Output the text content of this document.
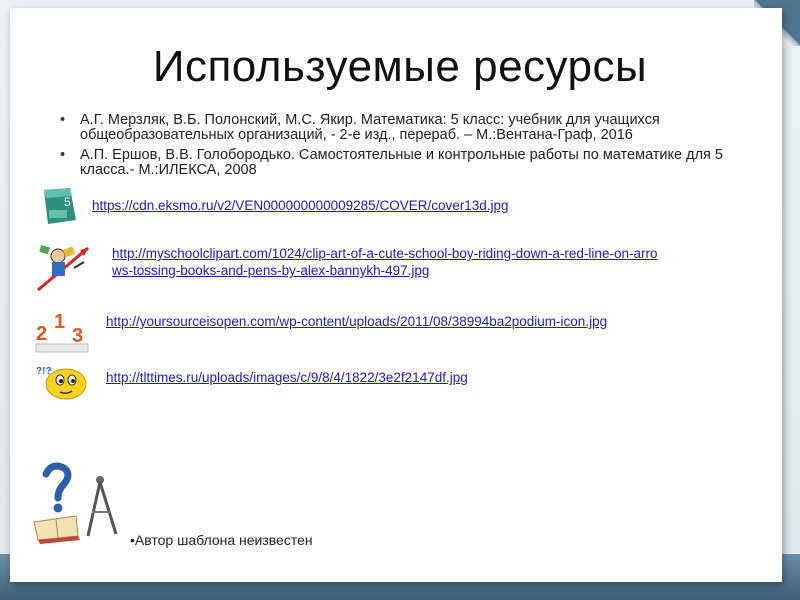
Используемые ресурсы
• А.Г. Мерзляк, В.Б. Полонский, М.С. Якир. Математика: 5 класс: учебник для учащихся общеобразовательных организаций, - 2-е изд., перераб. – М.:Вентана-Граф, 2016
• А.П. Ершов, В.В. Голобородько. Самостоятельные и контрольные работы по математике для 5 класса.- М.:ИЛЕКСА, 2008
5 https://cdn.eksmo.ru/v2/VEN000000000009285/COVER/cover13d.jpg
http://myschoolclipart.com/1024/clip-art-of-a-cute-school-boy-riding-down-a-red-line-on-arro
ws-tossing-books-and-pens-by-alex-bannykh-497.jpg
2
1
3
http://yoursourceisopen.com/wp-content/uploads/2011/08/38994ba2podium-icon.jpg
?!?	http://tlttimes.ru/uploads/images/c/9/8/4/1822/3e2f2147df.jpg
•Автор шаблона неизвестен
